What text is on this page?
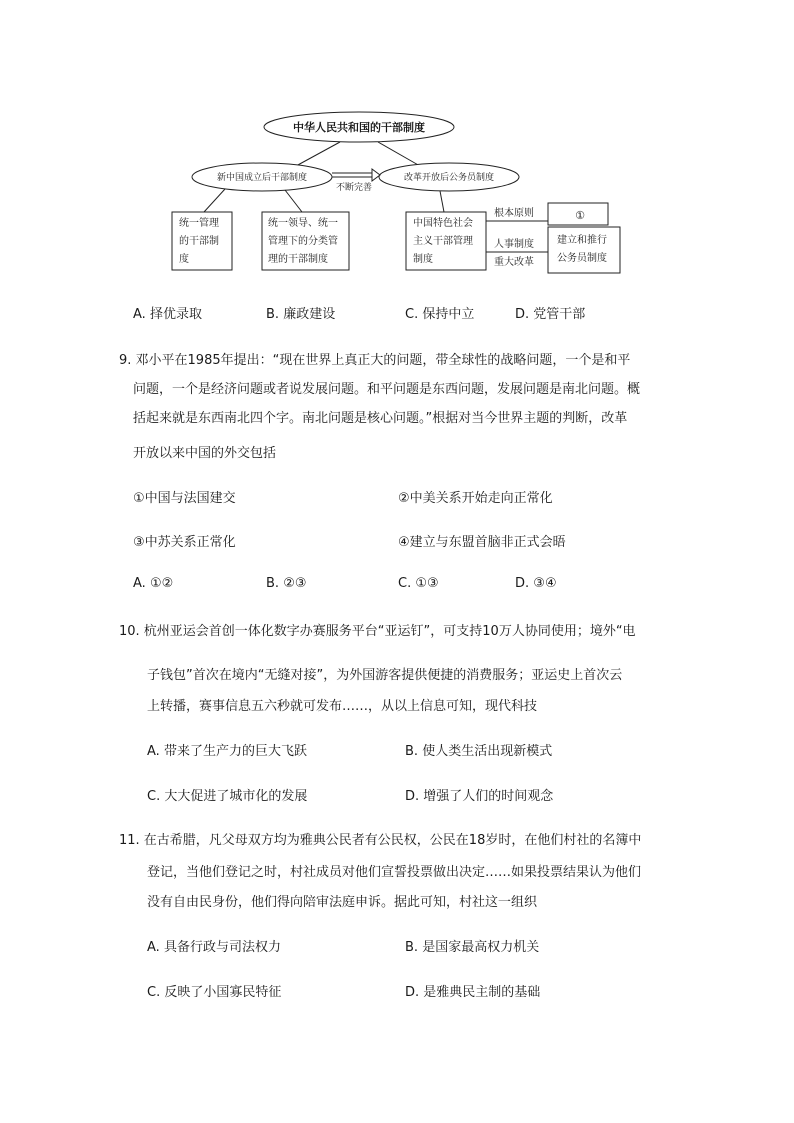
中华人民共和国的干部制度
新中国成立后干部制度	改革开放后公务员制度
不断完善
根本原则
人事制度
重大改革
①
统一管理
的干部制
度
统一领导、统一
管理下的分类管
理的干部制度
中国特色社会
主义干部管理
制度
建立和推行
公务员制度
A. 择优录取	B. 廉政建设	C. 保持中立	D. 党管干部
9. 邓小平在1985年提出：“现在世界上真正大的问题，带全球性的战略问题，一个是和平
问题，一个是经济问题或者说发展问题。和平问题是东西问题，发展问题是南北问题。概
括起来就是东西南北四个字。南北问题是核心问题。”根据对当今世界主题的判断，改革
开放以来中国的外交包括
①中国与法国建交	②中美关系开始走向正常化
③中苏关系正常化	④建立与东盟首脑非正式会晤
A. ①②	B. ②③	C. ①③	D. ③④
10. 杭州亚运会首创一体化数字办赛服务平台“亚运钉”，可支持10万人协同使用；境外“电
子钱包”首次在境内“无缝对接”，为外国游客提供便捷的消费服务；亚运史上首次云
上转播，赛事信息五六秒就可发布……，从以上信息可知，现代科技
A. 带来了生产力的巨大飞跃	B. 使人类生活出现新模式
C. 大大促进了城市化的发展	D. 增强了人们的时间观念
11. 在古希腊，凡父母双方均为雅典公民者有公民权，公民在18岁时，在他们村社的名簿中
登记，当他们登记之时，村社成员对他们宣誓投票做出决定……如果投票结果认为他们
没有自由民身份，他们得向陪审法庭申诉。据此可知，村社这一组织
A. 具备行政与司法权力	B. 是国家最高权力机关
C. 反映了小国寡民特征	D. 是雅典民主制的基础
